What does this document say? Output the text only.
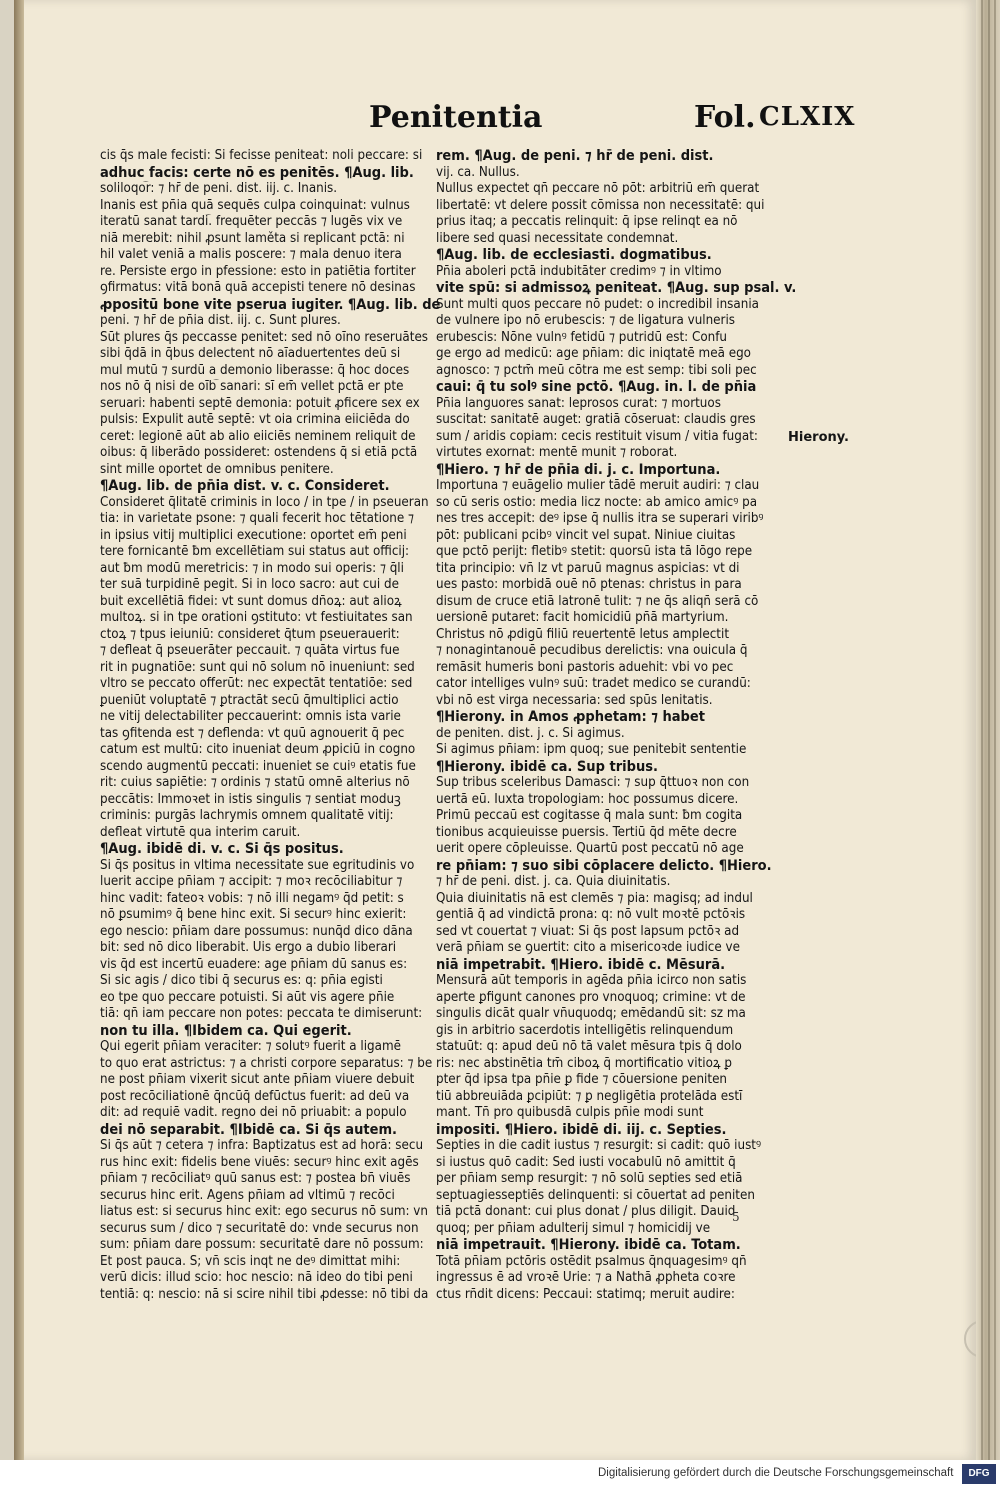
Penitentia	Fol. CLXIX
cis q̄s male fecisti: Si fecisse peniteat: noli peccare: si
adhuc facis: certe nō es penitēs. ¶Aug. lib.
soliloqo͝r: ⁊ hr̄ de peni. dist. iij. c. Inanis.
Inanis est pn̄ia quā sequēs culpa coinquinat: vulnus
iteratū sanat tardi͝. frequēter peccās ⁊ lugēs vix ve
niā merebit: nihil ꝓsunt laměta si replicant pctā: ni
hil valet veniā a malis poscere: ⁊ mala denuo itera
re. Persiste ergo in pfessione: esto in patiētia fortiter
ꝯfirmatus: vitā bonā quā accepisti tenere nō desinas
ꝓpositū bone vite pserua iugiter. ¶Aug. lib. de
peni. ⁊ hr̄ de pn̄ia dist. iij. c. Sunt plures.
Sūt plures q̄s peccasse penitet: sed nō oīno reseruātes
sibi q̄dā in q̄bus delectent nō aīaduertentes deū si
mul mutū ⁊ surdū a demonio liberasse: q̄ hoc doces
nos nō q̄ nisi de oīb͝ sanari: sī em̄ vellet pctā er pte
seruari: habenti septē demonia: potuit ꝓficere sex ex
pulsis: Expulit autē septē: vt oia crimina eiiciēda do
ceret: legionē aūt ab alio eiiciēs neminem reliquit de
oibus: q̄ liberādo possideret: ostendens q̄ si etiā pctā
sint mille oportet de omnibus penitere.
¶Aug. lib. de pn̄ia dist. v. c. Consideret.
Consideret q̄litatē criminis in loco / in tpe / in pseueran
tia: in varietate psone: ⁊ quali fecerit hoc tētatione ⁊
in ipsius vitij multiplici executione: oportet em̄ peni
tere fornicantē ƀm excellētiam sui status aut officij:
aut ƀm modū meretricis: ⁊ in modo sui operis: ⁊ q̄li
ter suā turpidinē pegit. Si in loco sacro: aut cui de
buit excellētiā fidei: vt sunt domus dn̄oꝝ: aut alioꝝ
multoꝝ. si in tpe orationi ꝯstituto: vt festiuitates san
ctoꝝ ⁊ tpus ieiuniū: consideret q̄tum pseuerauerit:
⁊ defleat q̄ pseuerāter peccauit. ⁊ quāta virtus fue
rit in pugnatiōe: sunt qui nō solum nō inueniunt: sed
vltro se peccato offerūt: nec expectāt tentatiōe: sed
ꝑueniūt voluptatē ⁊ ꝑtractāt secū q̄multiplici actio
ne vitij delectabiliter peccauerint: omnis ista varie
tas ꝯfitenda est ⁊ deflenda: vt quū agnouerit q̄ pec
catum est multū: cito inueniat deum ꝓpiciū in cogno
scendo augmentū peccati: inueniet se cuiꝰ etatis fue
rit: cuius sapiētie: ⁊ ordinis ⁊ statū omnē alterius nō
peccātis: Immoꝛet in istis singulis ⁊ sentiat moduꝫ
criminis: purgās lachrymis omnem qualitatē vitij:
defleat virtutē qua interim caruit.
¶Aug. ibidē di. v. c. Si q̄s positus.
Si q̄s positus in vltima necessitate sue egritudinis vo
luerit accipe pn̄iam ⁊ accipit: ⁊ moꝛ recōciliabitur ⁊
hinc vadit: fateoꝛ vobis: ⁊ nō illi negamꝰ q̄d petit: s
nō ꝑsumimꝰ q̄ bene hinc exit. Si securꝰ hinc exierit:
ego nescio: pn̄iam dare possumus: nunq̄d dico dāna
bit: sed nō dico liberabit. Uis ergo a dubio liberari
vis q̄d est incertū euadere: age pn̄iam dū sanus es:
Si sic agis / dico tibi q̄ securus es: q: pn̄ia egisti
eo tpe quo peccare potuisti. Si aūt vis agere pn̄ie
tiā: qn̄ iam peccare non potes: peccata te dimiserunt:
non tu illa. ¶Ibidem ca. Qui egerit.
Qui egerit pn̄iam veraciter: ⁊ solutꝰ fuerit a ligamē
to quo erat astrictus: ⁊ a christi corpore separatus: ⁊ be
ne post pn̄iam vixerit sicut ante pn̄iam viuere debuit
post recōciliationē q̄ncūq̄ defūctus fuerit: ad deū va
dit: ad requiē vadit. regno dei nō priuabit: a populo
dei nō separabit. ¶Ibidē ca. Si q̄s autem.
Si q̄s aūt ⁊ cetera ⁊ infra: Baptizatus est ad horā: secu
rus hinc exit: fidelis bene viuēs: securꝰ hinc exit agēs
pn̄iam ⁊ recōciliatꝰ quū sanus est: ⁊ postea bn̄ viuēs
securus hinc erit. Agens pn̄iam ad vltimū ⁊ recōci
liatus est: si securus hinc exit: ego securus nō sum: vn
securus sum / dico ⁊ securitatē do: vnde securus non
sum: pn̄iam dare possum: securitatē dare nō possum:
Et post pauca. S; vn̄ scis inqt ne deꝰ dimittat mihi:
verū dicis: illud scio: hoc nescio: nā ideo do tibi peni
tentiā: q: nescio: nā si scire nihil tibi ꝓdesse: nō tibi da
rem. ¶Aug. de peni. ⁊ hr̄ de peni. dist.
vij. ca. Nullus.
Nullus expectet qn̄ peccare nō pōt: arbitriū em̄ querat
libertatē: vt delere possit cōmissa non necessitatē: qui
prius itaq; a peccatis relinquit: q̄ ipse relinqt ea nō
libere sed quasi necessitate condemnat.
¶Aug. lib. de ecclesiasti. dogmatibus.
Pn̄ia aboleri pctā indubitāter credimꝰ ⁊ in vltimo
vite spū: si admissoꝝ peniteat. ¶Aug. sup psal. v.
Sunt multi quos peccare nō pudet: o incredibil insania
de vulnere ipo nō erubescis: ⁊ de ligatura vulneris
erubescis: Nōne vulnꝰ fetidū ⁊ putridū est: Confu
ge ergo ad medicū: age pn̄iam: dic iniqtatē meā ego
agnosco: ⁊ pctm̄ meū cōtra me est semp: tibi soli pec
caui: q̄ tu solꝰ sine pctō. ¶Aug. in. l. de pn̄ia
Pn̄ia languores sanat: leprosos curat: ⁊ mortuos
suscitat: sanitatē auget: gratiā cōseruat: claudis gres
sum / aridis copiam: cecis restituit visum / vitia fugat:
virtutes exornat: mentē munit ⁊ roborat.
¶Hiero. ⁊ hr̄ de pn̄ia di. j. c. Importuna.
Importuna ⁊ euāgelio mulier tādē meruit audiri: ⁊ clau
so cū seris ostio: media licz nocte: ab amico amicꝰ pa
nes tres accepit: deꝰ ipse q̄ nullis itra se superari viribꝰ
pōt: publicani pcibꝰ vincit vel supat. Niniue ciuitas
que pctō perijt: fletibꝰ stetit: quorsū ista tā lōgo repe
tita principio: vn̄ lz vt paruū magnus aspicias: vt di
ues pasto: morbidā ouē nō ptenas: christus in para
disum de cruce etiā latronē tulit: ⁊ ne q̄s aliqn̄ serā cō
uersionē putaret: facit homicidiū pn̄ā martyrium.
Christus nō ꝓdigū filiū reuertentē letus amplectit
⁊ nonagintanouē pecudibus derelictis: vna ouicula q̄
remāsit humeris boni pastoris aduehit: vbi vo pec
cator intelliges vulnꝰ suū: tradet medico se curandū:
vbi nō est virga necessaria: sed spūs lenitatis.
¶Hierony. in Amos ꝓphetam: ⁊ habet̄
de peniten. dist. j. c. Si agimus.
Si agimus pn̄iam: ipm quoq; sue penitebit sententie
¶Hierony. ibidē ca. Sup tribus.
Sup tribus sceleribus Damasci: ⁊ sup q̄ttuoꝛ non con
uertā eū. Iuxta tropologiam: hoc possumus dicere.
Primū peccaū est cogitasse q̄ mala sunt: ƀm cogita
tionibus acquieuisse puersis. Tertiū q̄d mēte decre
uerit opere cōpleuisse. Quartū post peccatū nō age
re pn̄iam: ⁊ suo sibi cōplacere delicto. ¶Hiero.
⁊ hr̄ de peni. dist. j. ca. Quia diuinitatis.
Quia diuinitatis nā est clemēs ⁊ pia: magisq; ad indul
gentiā q̄ ad vindictā prona: q: nō vult moꝛtē pctōꝛis
sed vt couertat ⁊ viuat: Si q̄s post lapsum pctōꝛ ad
verā pn̄iam se ꝯuertit: cito a misericoꝛde iudice ve
niā impetrabit. ¶Hiero. ibidē c. Mēsurā.
Mensurā aūt temporis in agēda pn̄ia icirco non satis
aperte ꝑfigunt canones pro vnoquoq; crimine: vt de
singulis dicāt qualr vn̄uquodq; emēdandū sit: sz ma
gis in arbitrio sacerdotis intelligētis relinquendum
statuūt: q: apud deū nō tā valet mēsura tpis q̄ dolo
ris: nec abstinētia tm̄ ciboꝝ q̄ mortificatio vitioꝝ ꝑ
pter q̄d ipsa tpa pn̄ie ꝑ fide ⁊ cōuersione peniten
tiū abbreuiāda ꝑcipiūt: ⁊ ꝑ negligētia protelāda estī
mant. Tn̄ pro quibusdā culpis pn̄ie modi sunt
impositi. ¶Hiero. ibidē di. iij. c. Septies.
Septies in die cadit iustus ⁊ resurgit: si cadit: quō iustꝰ
si iustus quō cadit: Sed iusti vocabulū nō amittit q̄
per pn̄iam semp resurgit: ⁊ nō solū septies sed etiā
septuagiesseptiēs delinquenti: si cōuertat ad peniten
tiā pctā donant: cui plus donat / plus diligit. Dauid
quoq; per pn̄iam adulterij simul ⁊ homicidij ve
niā impetrauit. ¶Hierony. ibidē ca. Totam.
Totā pn̄iam pctōris ostēdit psalmus q̄nquagesimꝰ qn̄
ingressus ē ad vroꝛē Urie: ⁊ a Nathā ꝓpheta coꝛre
ctus rn̄dit dicens: Peccaui: statimq; meruit audire:
Hierony.
5
Digitalisierung gefördert durch die Deutsche Forschungsgemeinschaft	DFG
